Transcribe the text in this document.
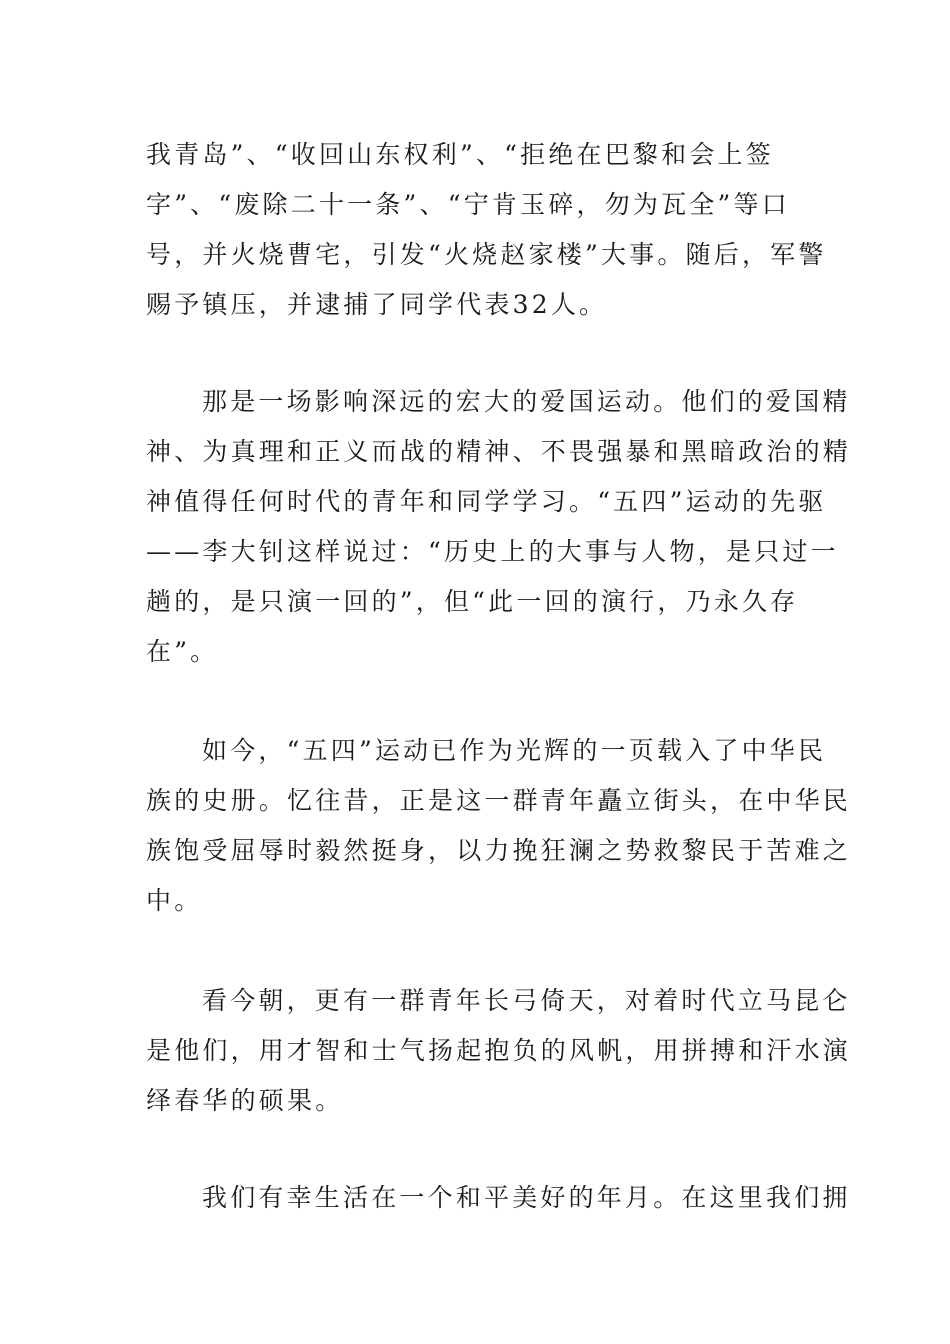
我青岛”、“收回山东权利”、“拒绝在巴黎和会上签
字”、“废除二十一条”、“宁肯玉碎，勿为瓦全”等口
号，并火烧曹宅，引发“火烧赵家楼”大事。随后，军警
赐予镇压，并逮捕了同学代表32人。
那是一场影响深远的宏大的爱国运动。他们的爱国精
神、为真理和正义而战的精神、不畏强暴和黑暗政治的精
神值得任何时代的青年和同学学习。“五四”运动的先驱
——李大钊这样说过：“历史上的大事与人物，是只过一
趟的，是只演一回的”，但“此一回的演行，乃永久存
在”。
如今，“五四”运动已作为光辉的一页载入了中华民
族的史册。忆往昔，正是这一群青年矗立街头，在中华民
族饱受屈辱时毅然挺身，以力挽狂澜之势救黎民于苦难之
中。
看今朝，更有一群青年长弓倚天，对着时代立马昆仑
是他们，用才智和士气扬起抱负的风帆，用拼搏和汗水演
绎春华的硕果。
我们有幸生活在一个和平美好的年月。在这里我们拥
